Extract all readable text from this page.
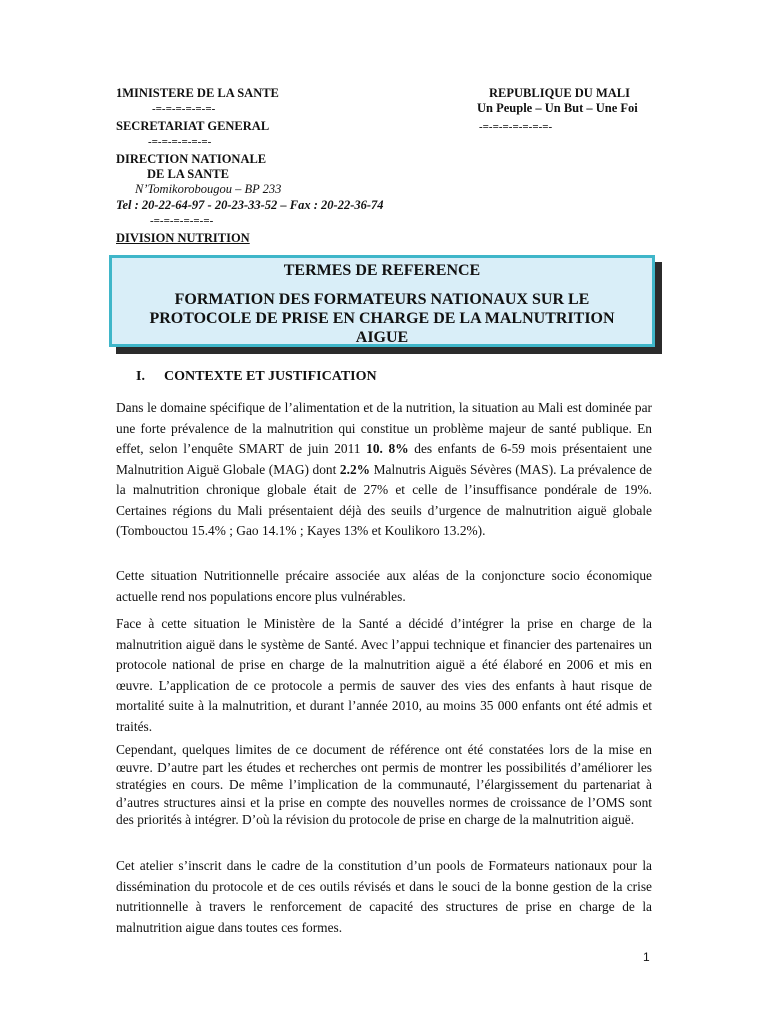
1MINISTERE DE LA SANTE
-=-=-=-=-=-=-
SECRETARIAT GENERAL
-=-=-=-=-=-=-
DIRECTION NATIONALE
DE LA SANTE
N’Tomikorobougou – BP 233
Tel : 20-22-64-97 - 20-23-33-52 – Fax : 20-22-36-74
-=-=-=-=-=-=-
DIVISION NUTRITION
REPUBLIQUE DU MALI
Un Peuple – Un But – Une Foi
-=-=-=-=-=-=-=-
TERMES DE REFERENCE
FORMATION DES FORMATEURS NATIONAUX SUR LE
PROTOCOLE DE PRISE EN CHARGE DE LA MALNUTRITION
AIGUE
I. CONTEXTE ET JUSTIFICATION
Dans le domaine spécifique de l’alimentation et de la nutrition, la situation au Mali est dominée par une forte prévalence de la malnutrition qui constitue un problème majeur de santé publique. En effet, selon l’enquête SMART de juin 2011 10. 8% des enfants de 6-59 mois présentaient une Malnutrition Aiguë Globale (MAG) dont 2.2% Malnutris Aiguës Sévères (MAS). La prévalence de la malnutrition chronique globale était de 27% et celle de l’insuffisance pondérale de 19%. Certaines régions du Mali présentaient déjà des seuils d’urgence de malnutrition aiguë globale (Tombouctou 15.4% ; Gao 14.1% ; Kayes 13% et Koulikoro 13.2%).
Cette situation Nutritionnelle précaire associée aux aléas de la conjoncture socio économique actuelle rend nos populations encore plus vulnérables.
Face à cette situation le Ministère de la Santé a décidé d’intégrer la prise en charge de la malnutrition aiguë dans le système de Santé. Avec l’appui technique et financier des partenaires un protocole national de prise en charge de la malnutrition aiguë a été élaboré en 2006 et mis en œuvre. L’application de ce protocole a permis de sauver des vies des enfants à haut risque de mortalité suite à la malnutrition, et durant l’année 2010, au moins 35 000 enfants ont été admis et traités.
Cependant, quelques limites de ce document de référence ont été constatées lors de la mise en œuvre. D’autre part les études et recherches ont permis de montrer les possibilités d’améliorer les stratégies en cours. De même l’implication de la communauté, l’élargissement du partenariat à d’autres structures ainsi et la prise en compte des nouvelles normes de croissance de l’OMS sont des priorités à intégrer. D’où la révision du protocole de prise en charge de la malnutrition aiguë.
Cet atelier s’inscrit dans le cadre de la constitution d’un pools de Formateurs nationaux pour la dissémination du protocole et de ces outils révisés et dans le souci de la bonne gestion de la crise nutritionnelle à travers le renforcement de capacité des structures de prise en charge de la malnutrition aigue dans toutes ces formes.
1
